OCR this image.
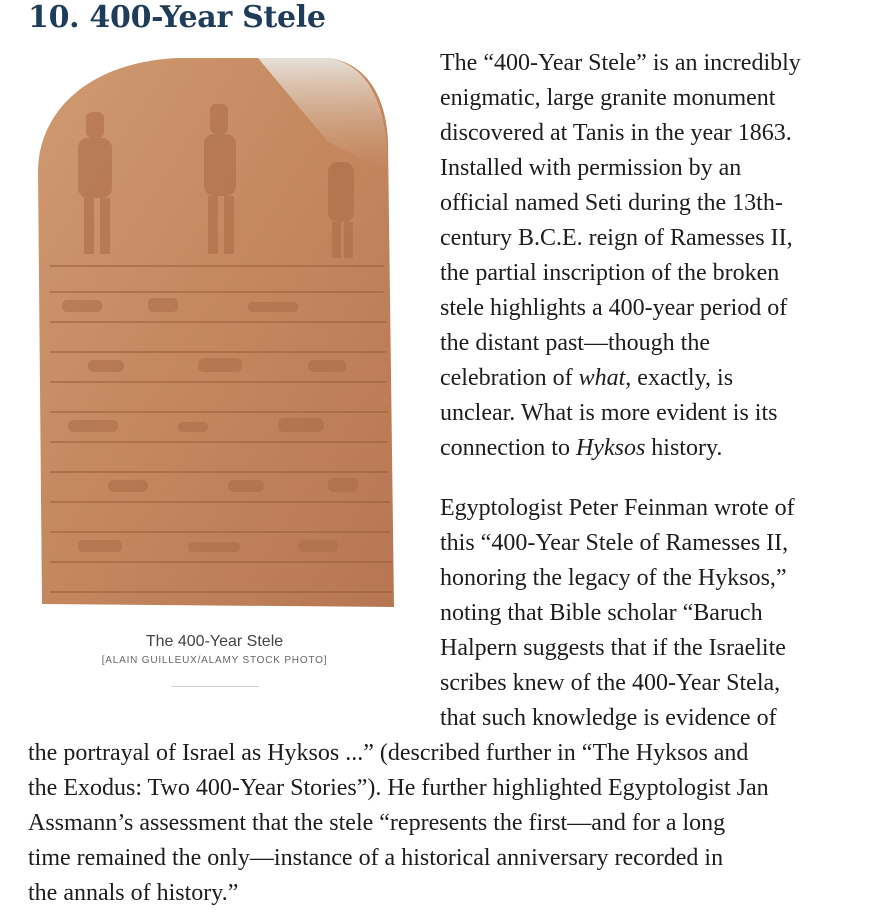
10. 400-Year Stele
The 400-Year Stele
[ALAIN GUILLEUX/ALAMY STOCK PHOTO]
The “400-Year Stele” is an incredibly
enigmatic, large granite monument
discovered at Tanis in the year 1863.
Installed with permission by an
official named Seti during the 13th-
century B.C.E. reign of Ramesses II,
the partial inscription of the broken
stele highlights a 400-year period of
the distant past—though the
celebration of what, exactly, is
unclear. What is more evident is its
connection to Hyksos history.
Egyptologist Peter Feinman wrote of
this “400-Year Stele of Ramesses II,
honoring the legacy of the Hyksos,”
noting that Bible scholar “Baruch
Halpern suggests that if the Israelite
scribes knew of the 400-Year Stela,
that such knowledge is evidence of
the portrayal of Israel as Hyksos ...” (described further in “The Hyksos and
the Exodus: Two 400-Year Stories”). He further highlighted Egyptologist Jan
Assmann’s assessment that the stele “represents the first—and for a long
time remained the only—instance of a historical anniversary recorded in
the annals of history.”
